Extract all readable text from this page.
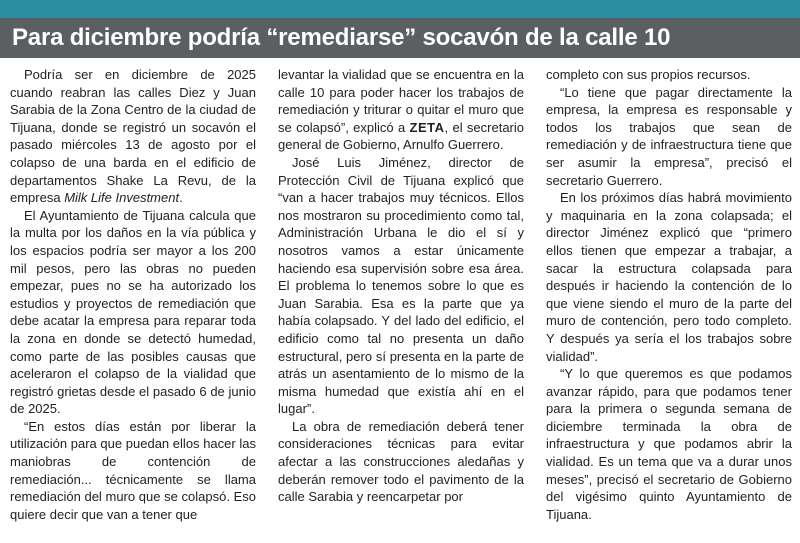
Para diciembre podría “remediarse” socavón de la calle 10

Podría ser en diciembre de 2025 cuando reabran las calles Diez y Juan Sarabia de la Zona Centro de la ciudad de Tijuana, donde se registró un socavón el pasado miércoles 13 de agosto por el colapso de una barda en el edificio de departamentos Shake La Revu, de la empresa Milk Life Investment.

El Ayuntamiento de Tijuana calcula que la multa por los daños en la vía pública y los espacios podría ser mayor a los 200 mil pesos, pero las obras no pueden empezar, pues no se ha autorizado los estudios y proyectos de remediación que debe acatar la empresa para reparar toda la zona en donde se detectó humedad, como parte de las posibles causas que aceleraron el colapso de la vialidad que registró grietas desde el pasado 6 de junio de 2025.

“En estos días están por liberar la utilización para que puedan ellos hacer las maniobras de contención de remediación... técnicamente se llama remediación del muro que se colapsó. Eso quiere decir que van a tener que

levantar la vialidad que se encuentra en la calle 10 para poder hacer los trabajos de remediación y triturar o quitar el muro que se colapsó”, explicó a ZETA, el secretario general de Gobierno, Arnulfo Guerrero.

José Luis Jiménez, director de Protección Civil de Tijuana explicó que “van a hacer trabajos muy técnicos. Ellos nos mostraron su procedimiento como tal, Administración Urbana le dio el sí y nosotros vamos a estar únicamente haciendo esa supervisión sobre esa área. El problema lo tenemos sobre lo que es Juan Sarabia. Esa es la parte que ya había colapsado. Y del lado del edificio, el edificio como tal no presenta un daño estructural, pero sí presenta en la parte de atrás un asentamiento de lo mismo de la misma humedad que existía ahí en el lugar”.

La obra de remediación deberá tener consideraciones técnicas para evitar afectar a las construcciones aledañas y deberán remover todo el pavimento de la calle Sarabia y reencarpetar por

completo con sus propios recursos.

“Lo tiene que pagar directamente la empresa, la empresa es responsable y todos los trabajos que sean de remediación y de infraestructura tiene que ser asumir la empresa”, precisó el secretario Guerrero.

En los próximos días habrá movimiento y maquinaria en la zona colapsada; el director Jiménez explicó que “primero ellos tienen que empezar a trabajar, a sacar la estructura colapsada para después ir haciendo la contención de lo que viene siendo el muro de la parte del muro de contención, pero todo completo. Y después ya sería el los trabajos sobre vialidad”.

“Y lo que queremos es que podamos avanzar rápido, para que podamos tener para la primera o segunda semana de diciembre terminada la obra de infraestructura y que podamos abrir la vialidad. Es un tema que va a durar unos meses”, precisó el secretario de Gobierno del vigésimo quinto Ayuntamiento de Tijuana.
